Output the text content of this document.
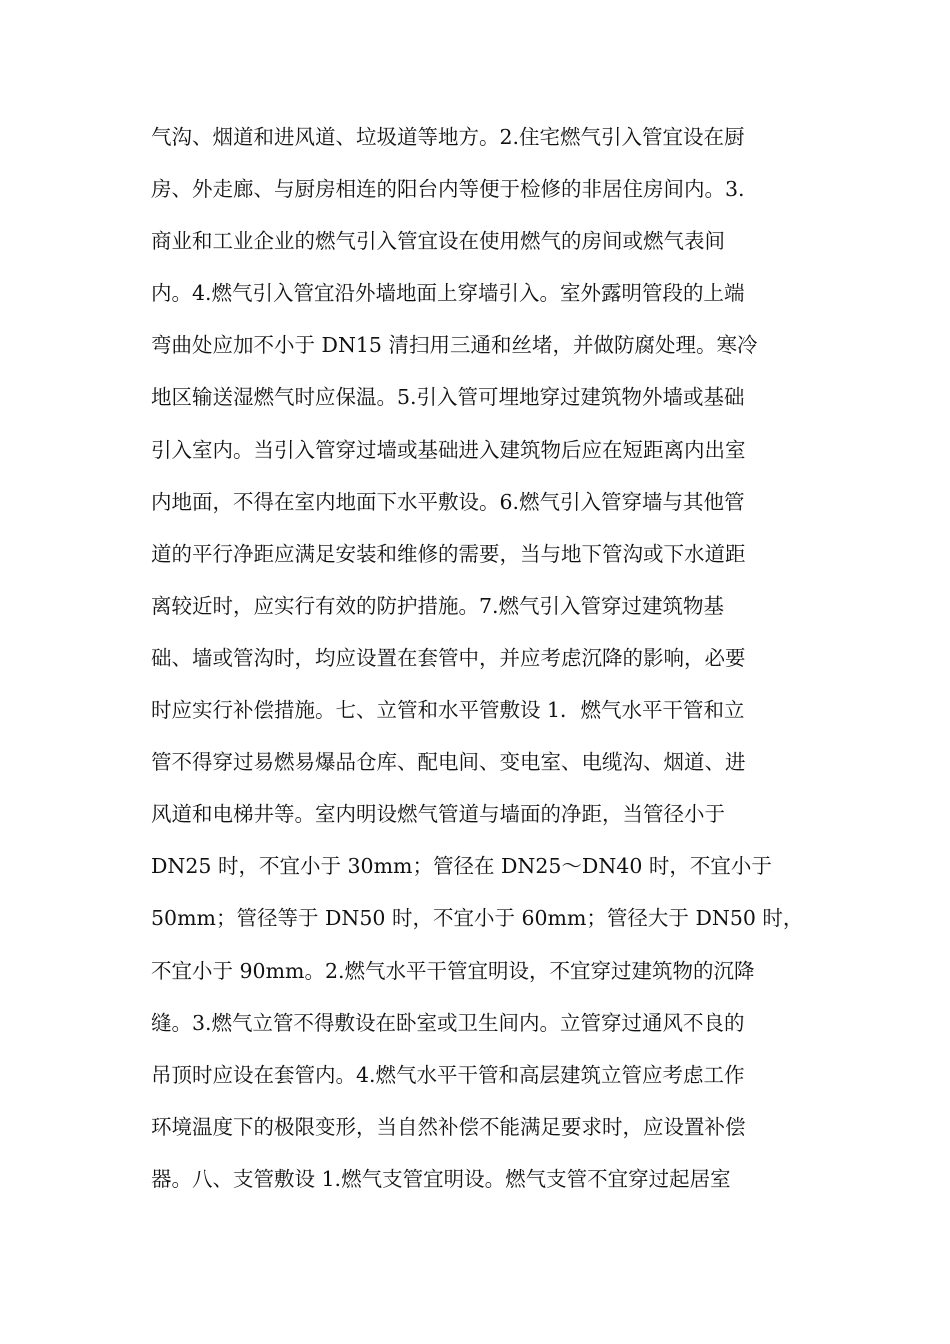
气沟、烟道和进风道、垃圾道等地方。2.住宅燃气引入管宜设在厨
房、外走廊、与厨房相连的阳台内等便于检修的非居住房间内。3.
商业和工业企业的燃气引入管宜设在使用燃气的房间或燃气表间
内。4.燃气引入管宜沿外墙地面上穿墙引入。室外露明管段的上端
弯曲处应加不小于 DN15 清扫用三通和丝堵，并做防腐处理。寒冷
地区输送湿燃气时应保温。5.引入管可埋地穿过建筑物外墙或基础
引入室内。当引入管穿过墙或基础进入建筑物后应在短距离内出室
内地面，不得在室内地面下水平敷设。6.燃气引入管穿墙与其他管
道的平行净距应满足安装和维修的需要，当与地下管沟或下水道距
离较近时，应实行有效的防护措施。7.燃气引入管穿过建筑物基
础、墙或管沟时，均应设置在套管中，并应考虑沉降的影响，必要
时应实行补偿措施。七、立管和水平管敷设 1．燃气水平干管和立
管不得穿过易燃易爆品仓库、配电间、变电室、电缆沟、烟道、进
风道和电梯井等。室内明设燃气管道与墙面的净距，当管径小于
DN25 时，不宜小于 30mm；管径在 DN25～DN40 时，不宜小于
50mm；管径等于 DN50 时，不宜小于 60mm；管径大于 DN50 时，
不宜小于 90mm。2.燃气水平干管宜明设，不宜穿过建筑物的沉降
缝。3.燃气立管不得敷设在卧室或卫生间内。立管穿过通风不良的
吊顶时应设在套管内。4.燃气水平干管和高层建筑立管应考虑工作
环境温度下的极限变形，当自然补偿不能满足要求时，应设置补偿
器。八、支管敷设 1.燃气支管宜明设。燃气支管不宜穿过起居室
